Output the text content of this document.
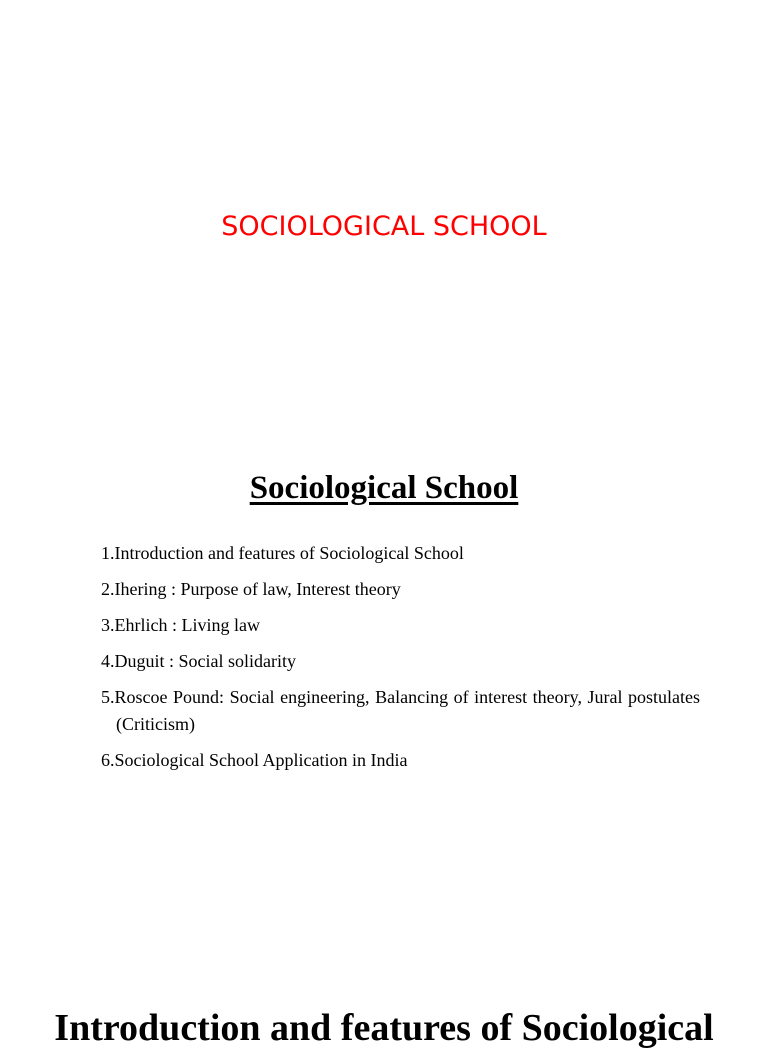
SOCIOLOGICAL SCHOOL
Sociological School
1.Introduction and features of Sociological School
2.Ihering : Purpose of law, Interest theory
3.Ehrlich : Living law
4.Duguit : Social solidarity
5.Roscoe Pound: Social engineering, Balancing of interest theory, Jural postulates (Criticism)
6.Sociological School Application in India
Introduction and features of Sociological
